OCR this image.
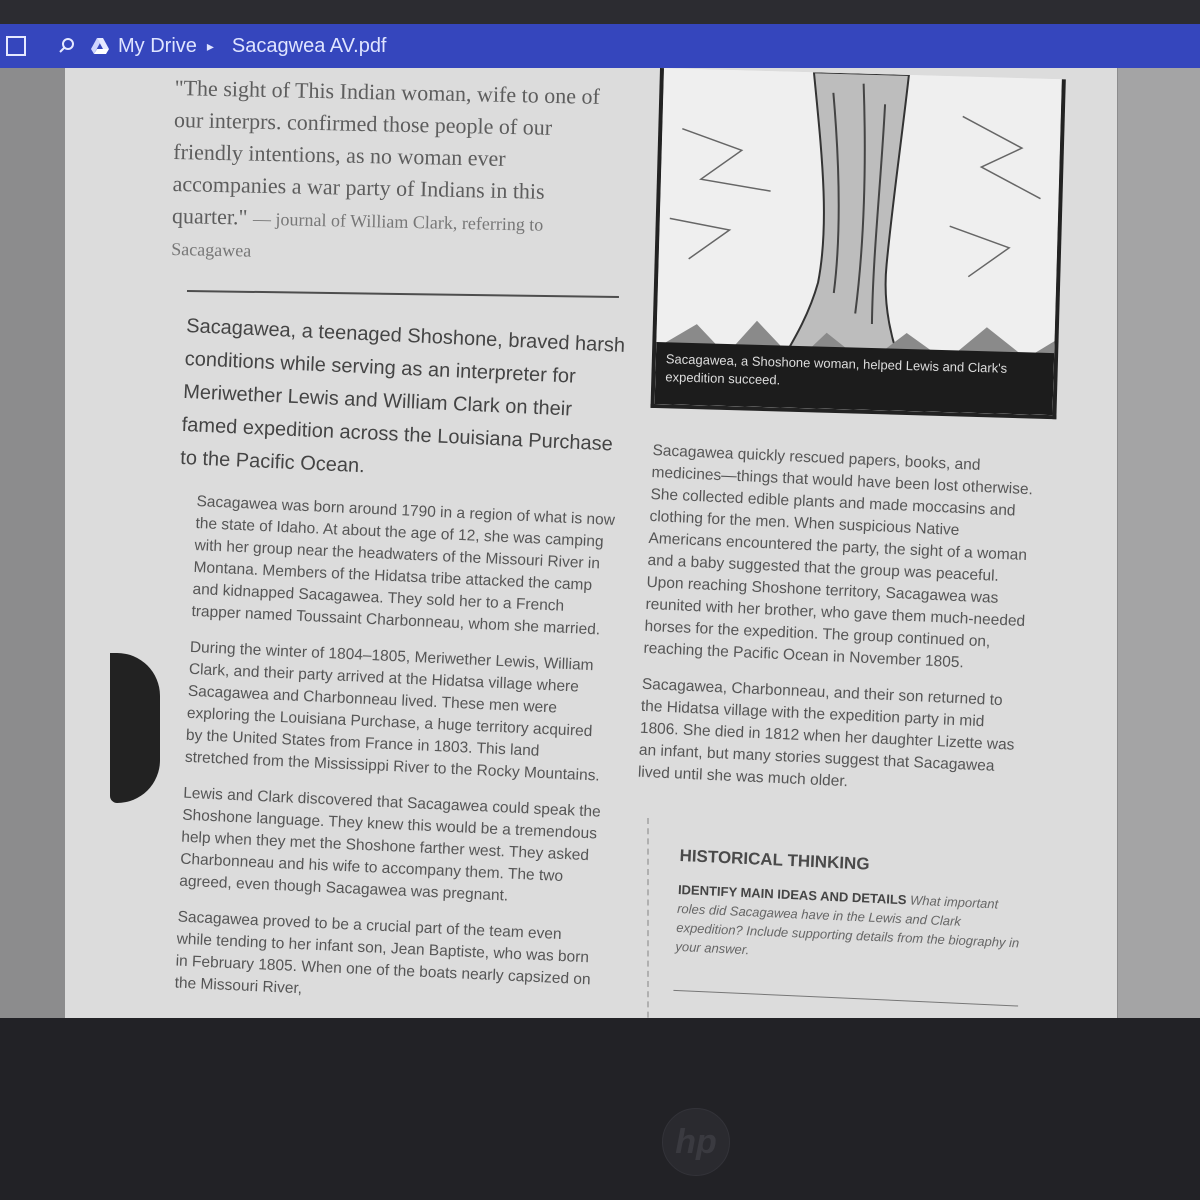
My Drive ▸ Sacagwea AV.pdf
"The sight of This Indian woman, wife to one of our interprs. confirmed those people of our friendly intentions, as no woman ever accompanies a war party of Indians in this quarter." — journal of William Clark, referring to Sacagawea
Sacagawea, a teenaged Shoshone, braved harsh conditions while serving as an interpreter for Meriwether Lewis and William Clark on their famed expedition across the Louisiana Purchase to the Pacific Ocean.

Sacagawea was born around 1790 in a region of what is now the state of Idaho. At about the age of 12, she was camping with her group near the headwaters of the Missouri River in Montana. Members of the Hidatsa tribe attacked the camp and kidnapped Sacagawea. They sold her to a French trapper named Toussaint Charbonneau, whom she married.

During the winter of 1804–1805, Meriwether Lewis, William Clark, and their party arrived at the Hidatsa village where Sacagawea and Charbonneau lived. These men were exploring the Louisiana Purchase, a huge territory acquired by the United States from France in 1803. This land stretched from the Mississippi River to the Rocky Mountains.

Lewis and Clark discovered that Sacagawea could speak the Shoshone language. They knew this would be a tremendous help when they met the Shoshone farther west. They asked Charbonneau and his wife to accompany them. The two agreed, even though Sacagawea was pregnant.

Sacagawea proved to be a crucial part of the team even while tending to her infant son, Jean Baptiste, who was born in February 1805. When one of the boats nearly capsized on the Missouri River,

Sacagawea, a Shoshone woman, helped Lewis and Clark's expedition succeed.

Sacagawea quickly rescued papers, books, and medicines—things that would have been lost otherwise. She collected edible plants and made moccasins and clothing for the men. When suspicious Native Americans encountered the party, the sight of a woman and a baby suggested that the group was peaceful. Upon reaching Shoshone territory, Sacagawea was reunited with her brother, who gave them much-needed horses for the expedition. The group continued on, reaching the Pacific Ocean in November 1805.

Sacagawea, Charbonneau, and their son returned to the Hidatsa village with the expedition party in mid 1806. She died in 1812 when her daughter Lizette was an infant, but many stories suggest that Sacagawea lived until she was much older.

HISTORICAL THINKING
IDENTIFY MAIN IDEAS AND DETAILS What important roles did Sacagawea have in the Lewis and Clark expedition? Include supporting details from the biography in your answer.
hp
